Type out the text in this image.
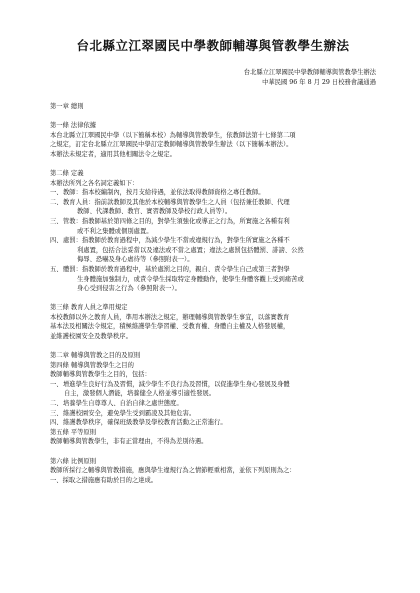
台北縣立江翠國民中學教師輔導與管教學生辦法
台北縣立江翠國民中學教師輔導與管教學生辦法
中華民國 96 年 8 月 29 日校務會議通過
第一章 總則
第一條 法律依據
本台北縣立江翠國民中學（以下簡稱本校）為輔導與管教學生，依教師法第十七條第二項
之規定，訂定台北縣立江翠國民中學訂定教師輔導與管教學生辦法（以下簡稱本辦法）。
本辦法未規定者，適用其他相關法令之規定。
第二條 定義
本辦法所列之各名詞定義如下：
一、 教師：指本校編制內，按月支給待遇，並依法取得教師資格之專任教師。
二、 教育人員：指前款教師及其他於本校輔導與管教學生之人員（包括兼任教師、代理
教師、代課教師、教官、實習教師及學校行政人員等）。
三、 管教：指教師基於第四條之目的，對學生須強化或導正之行為，所實施之各種有利
或不利之集體或個別處置。
四、 處罰：指教師於教育過程中，為減少學生不當或違規行為，對學生所實施之各種不
利處置，包括合法妥當以及違法或不當之處置；違法之處罰包括體罰、誹謗、公然
侮辱、恐嚇及身心虐待等（參照附表一）。
五、 體罰：指教師於教育過程中，基於處罰之目的，親自、責令學生自己或第三者對學
生身體施加強制力，或責令學生採取特定身體動作，使學生身體客觀上受到痛苦或
身心受到侵害之行為（參照附表一）。
第三條 教育人員之準用規定
本校教師以外之教育人員，準用本辦法之規定，辦理輔導與管教學生事宜，以落實教育
基本法及相關法令規定，積極維護學生學習權、受教育權、身體自主權及人格發展權，
並維護校園安全及教學秩序。
第二章 輔導與管教之目的及原則
第四條 輔導與管教學生之目的
教師輔導與管教學生之目的，包括：
一、 增進學生良好行為及習慣，減少學生不良行為及習慣，以促進學生身心發展及身體
自主，激發個人潛能，培養健全人格並導引適性發展。
二、 培養學生自尊尊人、自治自律之處世態度。
三、 維護校園安全，避免學生受到霸凌及其他危害。
四、 維護教學秩序，確保班級教學及學校教育活動之正常進行。
第五條 平等原則
教師輔導與管教學生，非有正當理由，不得為差別待遇。
第六條 比例原則
教師所採行之輔導與管教措施，應與學生違規行為之情節輕重相當，並依下列原則為之：
一、採取之措施應有助於目的之達成。
